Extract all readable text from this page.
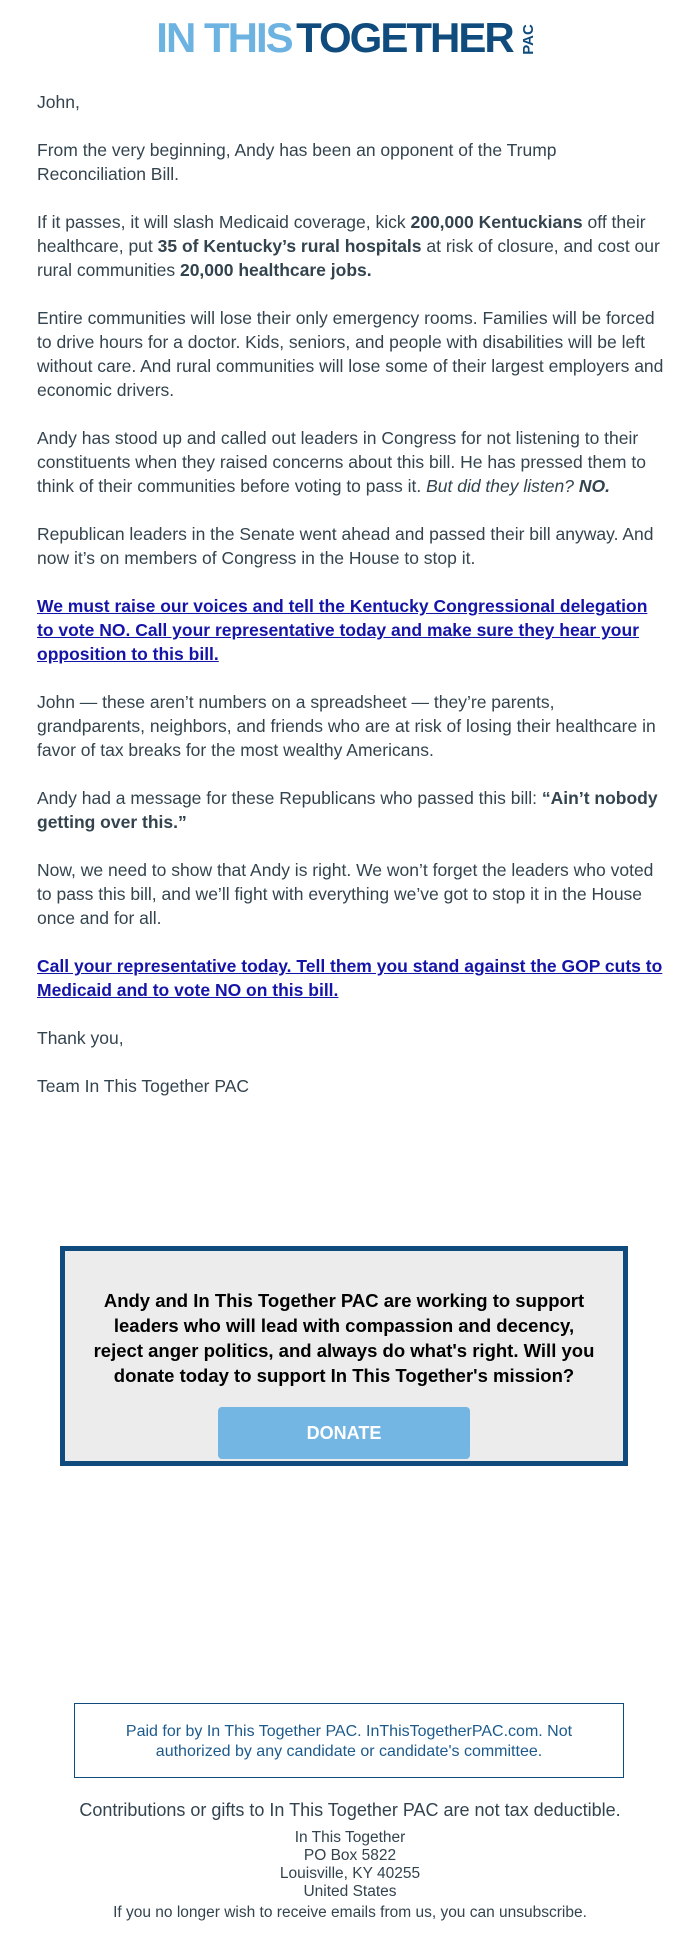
IN THIS TOGETHER PAC

John,

From the very beginning, Andy has been an opponent of the Trump Reconciliation Bill.

If it passes, it will slash Medicaid coverage, kick 200,000 Kentuckians off their healthcare, put 35 of Kentucky’s rural hospitals at risk of closure, and cost our rural communities 20,000 healthcare jobs.

Entire communities will lose their only emergency rooms. Families will be forced to drive hours for a doctor. Kids, seniors, and people with disabilities will be left without care. And rural communities will lose some of their largest employers and economic drivers.

Andy has stood up and called out leaders in Congress for not listening to their constituents when they raised concerns about this bill. He has pressed them to think of their communities before voting to pass it. But did they listen? NO.

Republican leaders in the Senate went ahead and passed their bill anyway. And now it’s on members of Congress in the House to stop it.

We must raise our voices and tell the Kentucky Congressional delegation to vote NO. Call your representative today and make sure they hear your opposition to this bill.

John — these aren’t numbers on a spreadsheet — they’re parents, grandparents, neighbors, and friends who are at risk of losing their healthcare in favor of tax breaks for the most wealthy Americans.

Andy had a message for these Republicans who passed this bill: “Ain’t nobody getting over this.”

Now, we need to show that Andy is right. We won’t forget the leaders who voted to pass this bill, and we’ll fight with everything we’ve got to stop it in the House once and for all.

Call your representative today. Tell them you stand against the GOP cuts to Medicaid and to vote NO on this bill.

Thank you,

Team In This Together PAC

Andy and In This Together PAC are working to support leaders who will lead with compassion and decency, reject anger politics, and always do what's right. Will you donate today to support In This Together's mission?
DONATE
Paid for by In This Together PAC. InThisTogetherPAC.com. Not authorized by any candidate or candidate's committee.
Contributions or gifts to In This Together PAC are not tax deductible.
In This Together
PO Box 5822
Louisville, KY 40255
United States
If you no longer wish to receive emails from us, you can unsubscribe.
